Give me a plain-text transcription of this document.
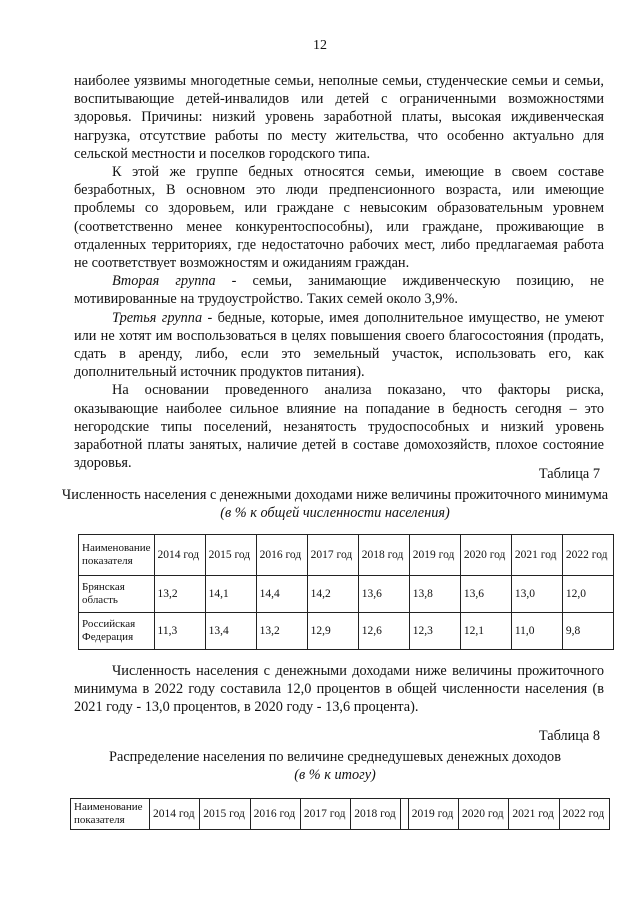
12

наиболее уязвимы многодетные семьи, неполные семьи, студенческие семьи и семьи, воспитывающие детей-инвалидов или детей с ограниченными возможностями здоровья. Причины: низкий уровень заработной платы, высокая иждивенческая нагрузка, отсутствие работы по месту жительства, что особенно актуально для сельской местности и поселков городского типа.

К этой же группе бедных относятся семьи, имеющие в своем составе безработных, В основном это люди предпенсионного возраста, или имеющие проблемы со здоровьем, или граждане с невысоким образовательным уровнем (соответственно менее конкурентоспособны), или граждане, проживающие в отдаленных территориях, где недостаточно рабочих мест, либо предлагаемая работа не соответствует возможностям и ожиданиям граждан.

Вторая группа - семьи, занимающие иждивенческую позицию, не мотивированные на трудоустройство. Таких семей около 3,9%.

Третья группа - бедные, которые, имея дополнительное имущество, не умеют или не хотят им воспользоваться в целях повышения своего благосостояния (продать, сдать в аренду, либо, если это земельный участок, использовать его, как дополнительный источник продуктов питания).

На основании проведенного анализа показано, что факторы риска, оказывающие наиболее сильное влияние на попадание в бедность сегодня – это негородские типы поселений, незанятость трудоспособных и низкий уровень заработной платы занятых, наличие детей в составе домохозяйств, плохое состояние здоровья.

Таблица 7
Численность населения с денежными доходами ниже величины прожиточного минимума (в % к общей численности населения)
Наименование показателя	2014 год	2015 год	2016 год	2017 год	2018 год	2019 год	2020 год	2021 год	2022 год
Брянская область	13,2	14,1	14,4	14,2	13,6	13,8	13,6	13,0	12,0
Российская Федерация	11,3	13,4	13,2	12,9	12,6	12,3	12,1	11,0	9,8

Численность населения с денежными доходами ниже величины прожиточного минимума в 2022 году составила 12,0 процентов в общей численности населения (в 2021 году - 13,0 процентов, в 2020 году - 13,6 процента).

Таблица 8
Распределение населения по величине среднедушевых денежных доходов
(в % к итогу)
Наименование показателя	2014 год	2015 год	2016 год	2017 год	2018 год		2019 год	2020 год	2021 год	2022 год
